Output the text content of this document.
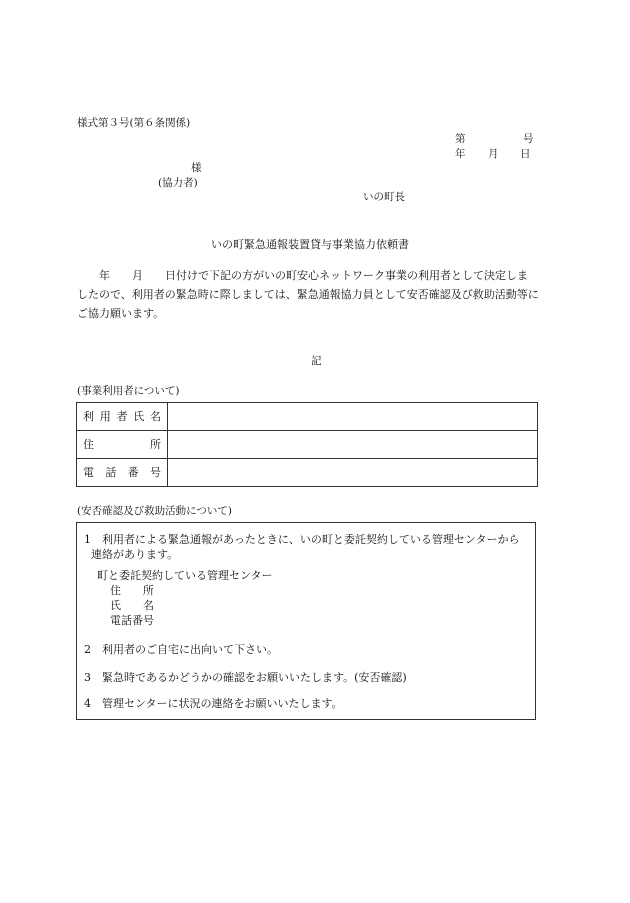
様式第３号(第６条関係)
第	号
年 月 日
様
(協力者)
いの町長
いの町緊急通報装置貸与事業協力依頼書
　　年　　月　　日付けで下記の方がいの町安心ネットワーク事業の利用者として決定しま
したので、利用者の緊急時に際しましては、緊急通報協力員として安否確認及び救助活動等に
ご協力願います。
記
(事業利用者について)
利 用 者 氏 名	

住 所	

電 話 番 号	

(安否確認及び救助活動について)
1　利用者による緊急通報があったときに、いの町と委託契約している管理センターから
連絡があります。
町と委託契約している管理センター
住　　所
氏　　名
電話番号
2　利用者のご自宅に出向いて下さい。
3　緊急時であるかどうかの確認をお願いいたします。(安否確認)
4　管理センターに状況の連絡をお願いいたします。
